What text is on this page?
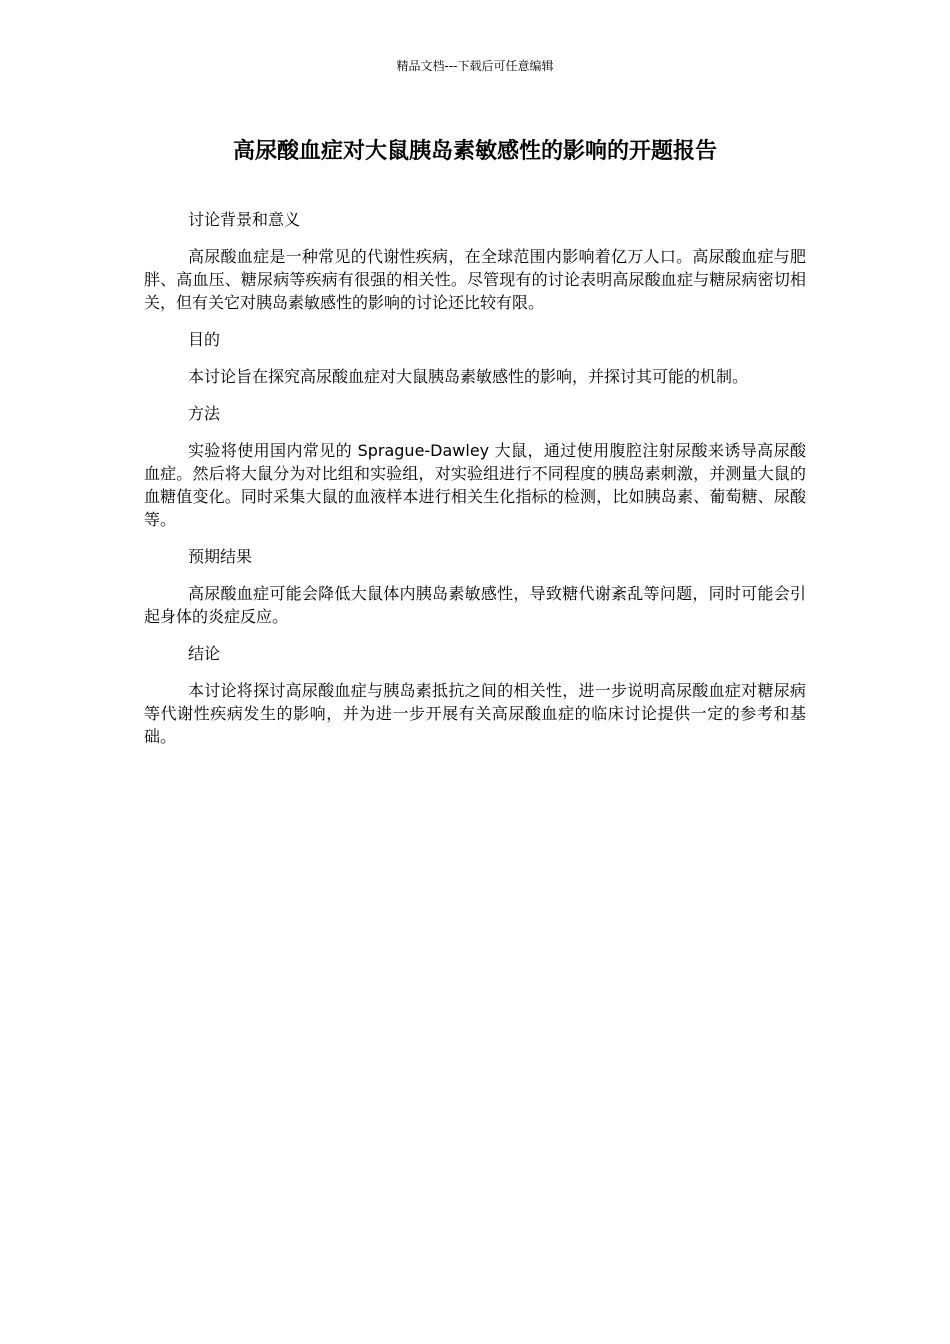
精品文档---下载后可任意编辑
高尿酸血症对大鼠胰岛素敏感性的影响的开题报告

讨论背景和意义

高尿酸血症是一种常见的代谢性疾病，在全球范围内影响着亿万人口。高尿酸血症与肥胖、高血压、糖尿病等疾病有很强的相关性。尽管现有的讨论表明高尿酸血症与糖尿病密切相关，但有关它对胰岛素敏感性的影响的讨论还比较有限。

目的

本讨论旨在探究高尿酸血症对大鼠胰岛素敏感性的影响，并探讨其可能的机制。

方法

实验将使用国内常见的 Sprague-Dawley 大鼠，通过使用腹腔注射尿酸来诱导高尿酸血症。然后将大鼠分为对比组和实验组，对实验组进行不同程度的胰岛素刺激，并测量大鼠的血糖值变化。同时采集大鼠的血液样本进行相关生化指标的检测，比如胰岛素、葡萄糖、尿酸等。

预期结果

高尿酸血症可能会降低大鼠体内胰岛素敏感性，导致糖代谢紊乱等问题，同时可能会引起身体的炎症反应。

结论

本讨论将探讨高尿酸血症与胰岛素抵抗之间的相关性，进一步说明高尿酸血症对糖尿病等代谢性疾病发生的影响，并为进一步开展有关高尿酸血症的临床讨论提供一定的参考和基础。
